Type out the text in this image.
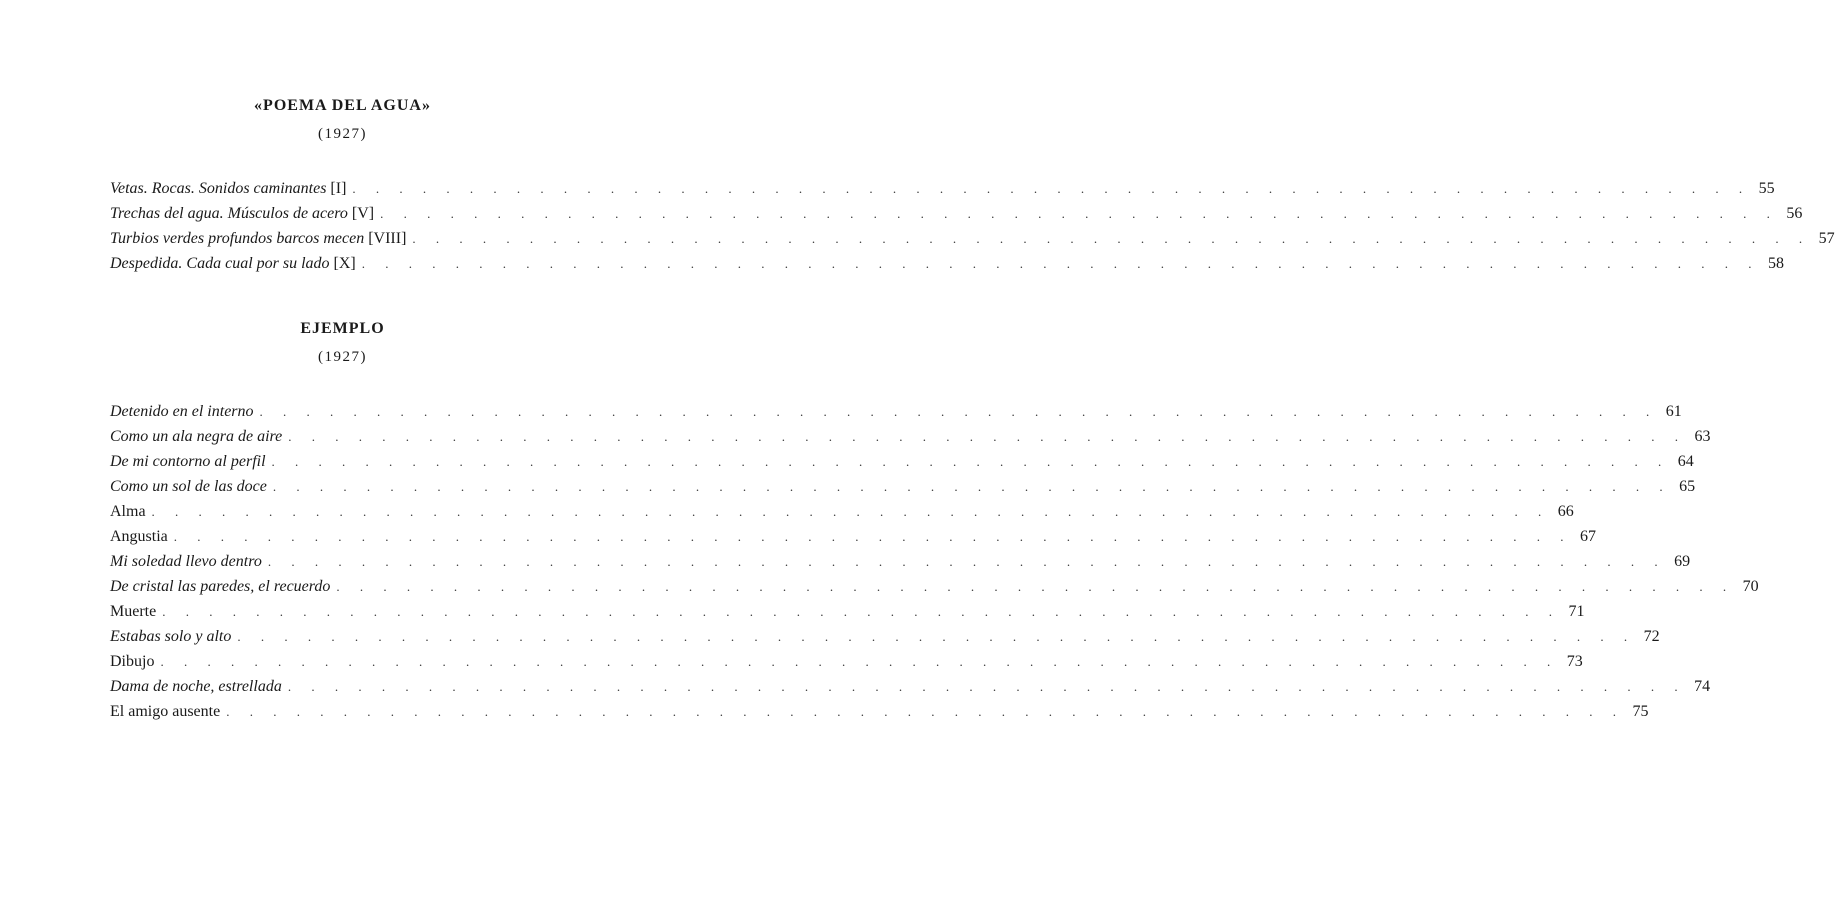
«POEMA DEL AGUA»
(1927)
Vetas. Rocas. Sonidos caminantes [I] . . . . . . . . . . . . . . . . . . . . . . . . . . . . . . . . . . . . . . . . . . . . . . . . . . . . . . . . . . . . 55
Trechas del agua. Músculos de acero [V] . . . . . . . . . . . . . . . . . . . . . . . . . . . . . . . . . . . . . . . . . . . . . . . . . . . . . . . . . . . . 56
Turbios verdes profundos barcos mecen [VIII] . . . . . . . . . . . . . . . . . . . . . . . . . . . . . . . . . . . . . . . . . . . . . . . . . . . . . . . . . . . . 57
Despedida. Cada cual por su lado [X] . . . . . . . . . . . . . . . . . . . . . . . . . . . . . . . . . . . . . . . . . . . . . . . . . . . . . . . . . . . . 58
EJEMPLO
(1927)
Detenido en el interno . . . . . . . . . . . . . . . . . . . . . . . . . . . . . . . . . . . . . . . . . . . . . . . . . . . . . . . . . . . . 61
Como un ala negra de aire . . . . . . . . . . . . . . . . . . . . . . . . . . . . . . . . . . . . . . . . . . . . . . . . . . . . . . . . . . . . 63
De mi contorno al perfil . . . . . . . . . . . . . . . . . . . . . . . . . . . . . . . . . . . . . . . . . . . . . . . . . . . . . . . . . . . . 64
Como un sol de las doce . . . . . . . . . . . . . . . . . . . . . . . . . . . . . . . . . . . . . . . . . . . . . . . . . . . . . . . . . . . . 65
Alma . . . . . . . . . . . . . . . . . . . . . . . . . . . . . . . . . . . . . . . . . . . . . . . . . . . . . . . . . . . . 66
Angustia . . . . . . . . . . . . . . . . . . . . . . . . . . . . . . . . . . . . . . . . . . . . . . . . . . . . . . . . . . . . 67
Mi soledad llevo dentro . . . . . . . . . . . . . . . . . . . . . . . . . . . . . . . . . . . . . . . . . . . . . . . . . . . . . . . . . . . . 69
De cristal las paredes, el recuerdo . . . . . . . . . . . . . . . . . . . . . . . . . . . . . . . . . . . . . . . . . . . . . . . . . . . . . . . . . . . . 70
Muerte . . . . . . . . . . . . . . . . . . . . . . . . . . . . . . . . . . . . . . . . . . . . . . . . . . . . . . . . . . . . 71
Estabas solo y alto . . . . . . . . . . . . . . . . . . . . . . . . . . . . . . . . . . . . . . . . . . . . . . . . . . . . . . . . . . . . 72
Dibujo . . . . . . . . . . . . . . . . . . . . . . . . . . . . . . . . . . . . . . . . . . . . . . . . . . . . . . . . . . . . 73
Dama de noche, estrellada . . . . . . . . . . . . . . . . . . . . . . . . . . . . . . . . . . . . . . . . . . . . . . . . . . . . . . . . . . . . 74
El amigo ausente . . . . . . . . . . . . . . . . . . . . . . . . . . . . . . . . . . . . . . . . . . . . . . . . . . . . . . . . . . . . 75
